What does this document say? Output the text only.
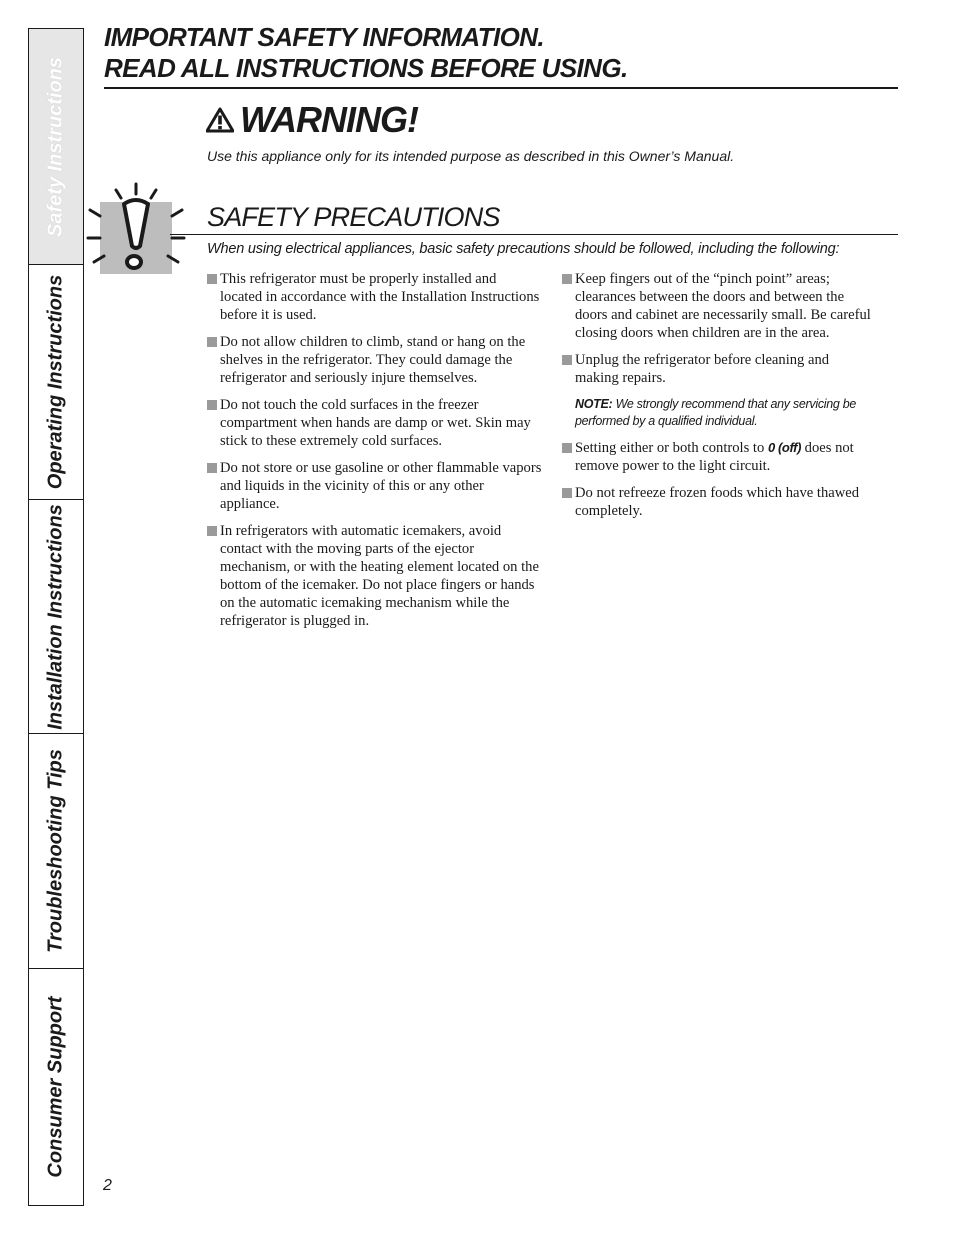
Safety Instructions
Operating Instructions
Installation Instructions
Troubleshooting Tips
Consumer Support
IMPORTANT SAFETY INFORMATION.
READ ALL INSTRUCTIONS BEFORE USING.
WARNING!
Use this appliance only for its intended purpose as described in this Owner’s Manual.
SAFETY PRECAUTIONS
When using electrical appliances, basic safety precautions should be followed, including the following:
This refrigerator must be properly installed and located in accordance with the Installation Instructions before it is used.
Do not allow children to climb, stand or hang on the shelves in the refrigerator. They could damage the refrigerator and seriously injure themselves.
Do not touch the cold surfaces in the freezer compartment when hands are damp or wet. Skin may stick to these extremely cold surfaces.
Do not store or use gasoline or other flammable vapors and liquids in the vicinity of this or any other appliance.
In refrigerators with automatic icemakers, avoid contact with the moving parts of the ejector mechanism, or with the heating element located on the bottom of the icemaker. Do not place fingers or hands on the automatic icemaking mechanism while the refrigerator is plugged in.
Keep fingers out of the “pinch point” areas; clearances between the doors and between the doors and cabinet are necessarily small. Be careful closing doors when children are in the area.
Unplug the refrigerator before cleaning and making repairs.
NOTE: We strongly recommend that any servicing be performed by a qualified individual.
Setting either or both controls to 0 (off) does not remove power to the light circuit.
Do not refreeze frozen foods which have thawed completely.
2
